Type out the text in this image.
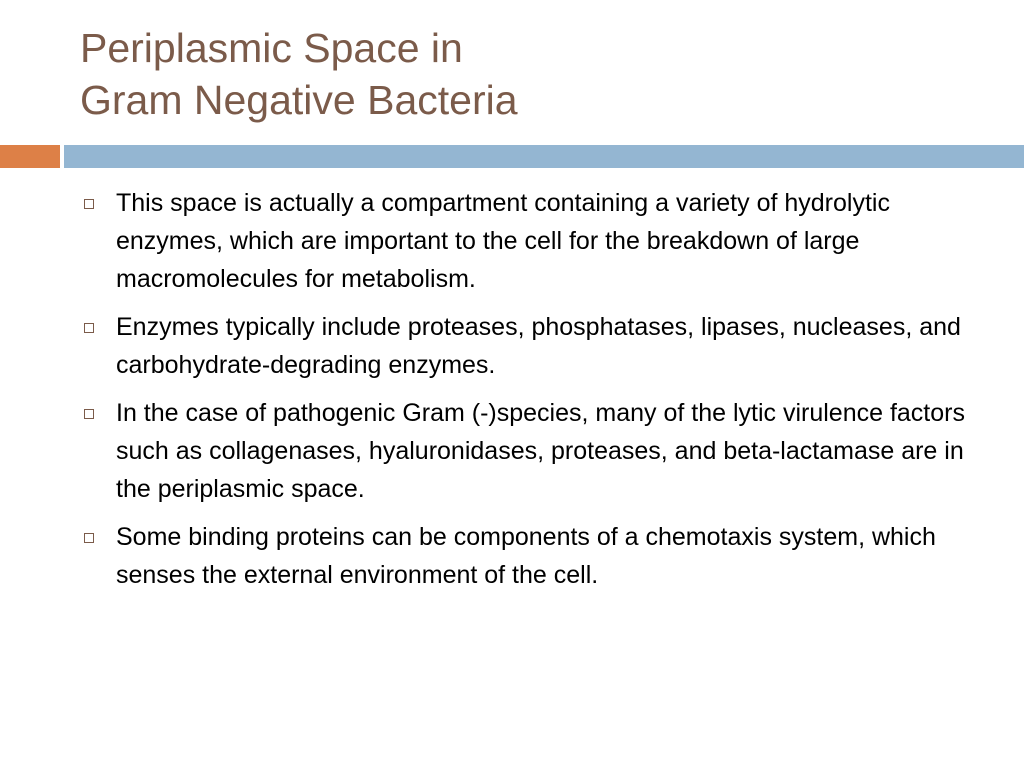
Periplasmic Space in
Gram Negative Bacteria
This space is actually a compartment containing a variety of hydrolytic enzymes, which are important to the cell for the breakdown of large macromolecules for metabolism.
Enzymes typically include proteases, phosphatases, lipases, nucleases, and carbohydrate-degrading enzymes.
In the case of pathogenic Gram (-)species, many of the lytic virulence factors such as collagenases, hyaluronidases, proteases, and beta-lactamase are in the periplasmic space.
Some binding proteins can be components of a chemotaxis system, which senses the external environment of the cell.
